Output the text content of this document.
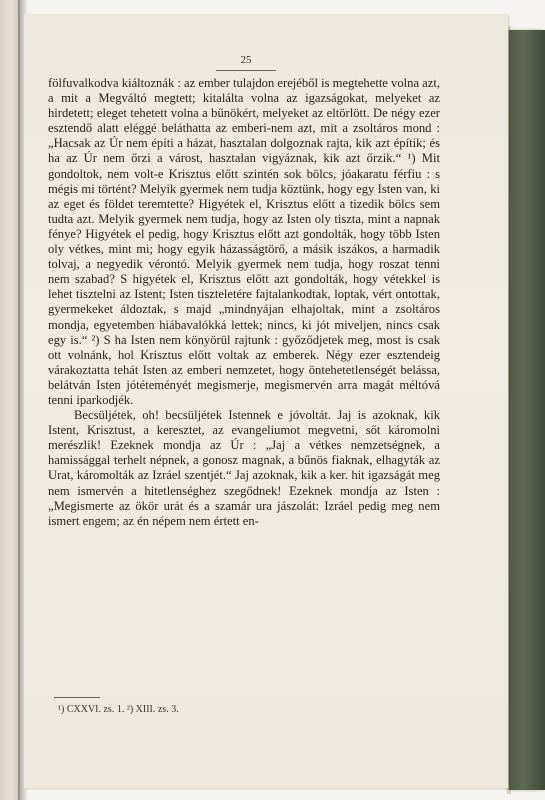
25

fölfuvalkodva kiáltoznák : az ember tulajdon erejéből is megtehette volna azt, a mit a Megváltó megtett; kitalálta volna az igazságokat, melyeket az hirdetett; eleget tehetett volna a bűnökért, melyeket az eltörlött. De négy ezer esztendő alatt eléggé beláthatta az emberi-nem azt, mit a zsoltáros mond : „Hacsak az Úr nem építi a házat, hasztalan dolgoznak rajta, kik azt építik; és ha az Úr nem őrzi a várost, hasztalan vigyáznak, kik azt őrzik.“ ¹) Mit gondoltok, nem volt-e Krisztus előtt szintén sok bölcs, jóakaratu férfiu : s mégis mi történt? Melyik gyermek nem tudja köztünk, hogy egy Isten van, ki az eget és földet teremtette? Higyétek el, Krisztus előtt a tizedik bölcs sem tudta azt. Melyik gyermek nem tudja, hogy az Isten oly tiszta, mint a napnak fénye? Higyétek el pedig, hogy Krisztus előtt azt gondolták, hogy több Isten oly vétkes, mint mi; hogy egyik házasságtörő, a másik iszákos, a harmadik tolvaj, a negyedik vérontó. Melyik gyermek nem tudja, hogy roszat tenni nem szabad? S higyétek el, Krisztus előtt azt gondolták, hogy vétekkel is lehet tisztelni az Istent; Isten tiszteletére fajtalankodtak, loptak, vért ontottak, gyermekeket áldoztak, s majd „mindnyájan elhajoltak, mint a zsoltáros mondja, egyetemben hiábavalókká lettek; nincs, ki jót miveljen, nincs csak egy is.“ ²) S ha Isten nem könyörül rajtunk : győződjetek meg, most is csak ott volnánk, hol Krisztus előtt voltak az emberek. Négy ezer esztendeig várakoztatta tehát Isten az emberi nemzetet, hogy öntehetetlenségét belássa, belátván Isten jótéteményét megismerje, megismervén arra magát méltóvá tenni iparkodjék.

Becsüljétek, oh! becsüljétek Istennek e jóvoltát. Jaj is azoknak, kik Istent, Krisztust, a keresztet, az evangeliumot megvetni, sőt káromolni merészlik! Ezeknek mondja az Úr : „Jaj a vétkes nemzetségnek, a hamissággal terhelt népnek, a gonosz magnak, a bűnös fiaknak, elhagyták az Urat, káromolták az Izráel szentjét.“ Jaj azoknak, kik a ker. hit igazságát meg nem ismervén a hitetlenséghez szegődnek! Ezeknek mondja az Isten : „Megismerte az ökör urát és a szamár ura jászolát: Izráel pedig meg nem ismert engem; az én népem nem értett en-

¹) CXXVI. zs. 1. ²) XIII. zs. 3.
